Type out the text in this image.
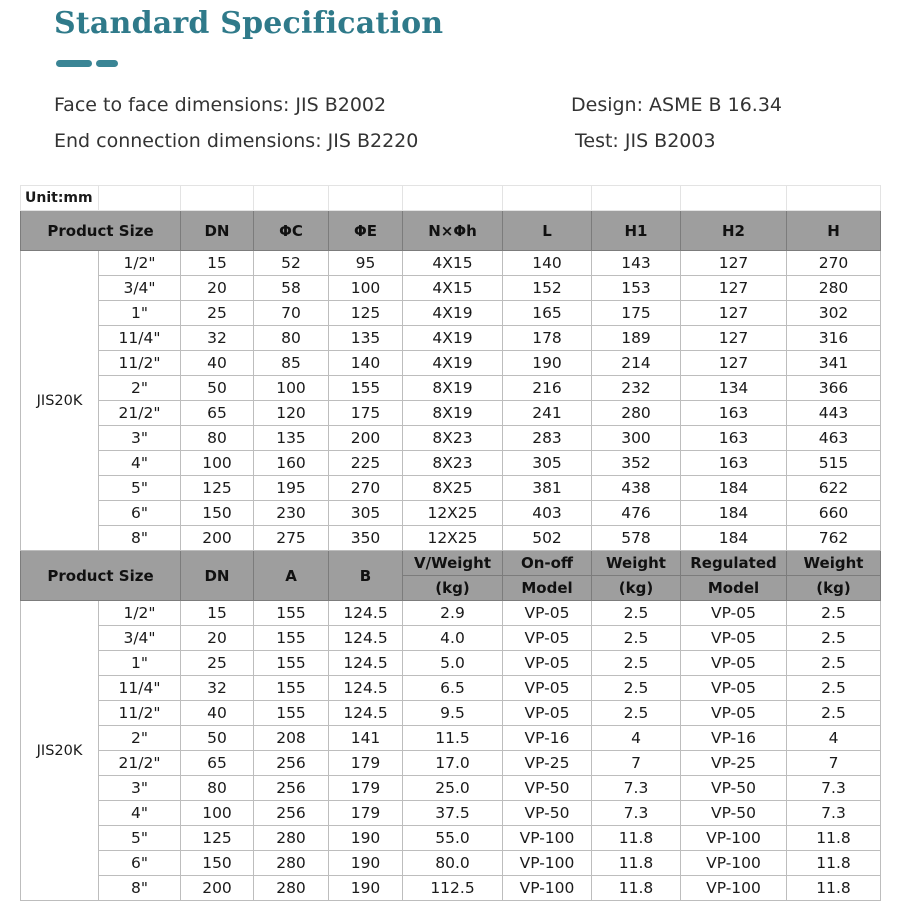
Standard Specification
Face to face dimensions: JIS B2002	Design: ASME B 16.34
End connection dimensions: JIS B2220	Test: JIS B2003
Unit:mm									
Product Size		DN	ΦC	ΦE	N×Φh	L	H1	H2	H
JIS20K	1/2"	15	52	95	4X15	140	143	127	270
	3/4"	20	58	100	4X15	152	153	127	280
	1"	25	70	125	4X19	165	175	127	302
	11/4"	32	80	135	4X19	178	189	127	316
	11/2"	40	85	140	4X19	190	214	127	341
	2"	50	100	155	8X19	216	232	134	366
	21/2"	65	120	175	8X19	241	280	163	443
	3"	80	135	200	8X23	283	300	163	463
	4"	100	160	225	8X23	305	352	163	515
	5"	125	195	270	8X25	381	438	184	622
	6"	150	230	305	12X25	403	476	184	660
	8"	200	275	350	12X25	502	578	184	762
Product Size		DN	A	B	V/Weight	On-off	Weight	Regulated	Weight
					(kg)	Model	(kg)	Model	(kg)
JIS20K	1/2"	15	155	124.5	2.9	VP-05	2.5	VP-05	2.5
	3/4"	20	155	124.5	4.0	VP-05	2.5	VP-05	2.5
	1"	25	155	124.5	5.0	VP-05	2.5	VP-05	2.5
	11/4"	32	155	124.5	6.5	VP-05	2.5	VP-05	2.5
	11/2"	40	155	124.5	9.5	VP-05	2.5	VP-05	2.5
	2"	50	208	141	11.5	VP-16	4	VP-16	4
	21/2"	65	256	179	17.0	VP-25	7	VP-25	7
	3"	80	256	179	25.0	VP-50	7.3	VP-50	7.3
	4"	100	256	179	37.5	VP-50	7.3	VP-50	7.3
	5"	125	280	190	55.0	VP-100	11.8	VP-100	11.8
	6"	150	280	190	80.0	VP-100	11.8	VP-100	11.8
	8"	200	280	190	112.5	VP-100	11.8	VP-100	11.8
